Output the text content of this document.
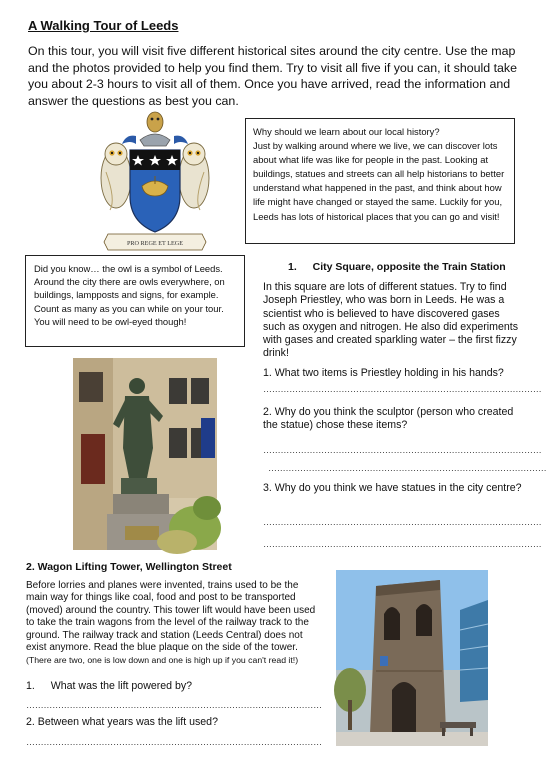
A Walking Tour of Leeds
On this tour, you will visit five different historical sites around the city centre. Use the map and the photos provided to help you find them. Try to visit all five if you can, it should take you about 2-3 hours to visit all of them. Once you have arrived, read the information and answer the questions as best you can.
PRO REGE ET LEGE
Why should we learn about our local history?
Just by walking around where we live, we can discover lots about what life was like for people in the past. Looking at buildings, statues and streets can all help historians to better understand what happened in the past, and think about how life might have changed or stayed the same. Luckily for you, Leeds has lots of historical places that you can go and visit!
Did you know… the owl is a symbol of Leeds. Around the city there are owls everywhere, on buildings, lampposts and signs, for example.
Count as many as you can while on your tour. You will need to be owl-eyed though!
1. City Square, opposite the Train Station
In this square are lots of different statues. Try to find Joseph Priestley, who was born in Leeds. He was a scientist who is believed to have discovered gases such as oxygen and nitrogen. He also did experiments with gases and created sparkling water – the first fizzy drink!
1. What two items is Priestley holding in his hands?
……………………………………………………………………………………
2. Why do you think the sculptor (person who created the statue) chose these items?
……………………………………………………………………………………
……………………………………………………………………………………
3. Why do you think we have statues in the city centre?
……………………………………………………………………………………
……………………………………………………………………………………
2. Wagon Lifting Tower, Wellington Street
Before lorries and planes were invented, trains used to be the main way for things like coal, food and post to be transported (moved) around the country. This tower lift would have been used to take the train wagons from the level of the railway track to the ground. The railway track and station (Leeds Central) does not exist anymore. Read the blue plaque on the side of the tower. (There are two, one is low down and one is high up if you can't read it!)
1. What was the lift powered by?
…………………………………………………………………………………………
2. Between what years was the lift used?
…………………………………………………………………………………………
